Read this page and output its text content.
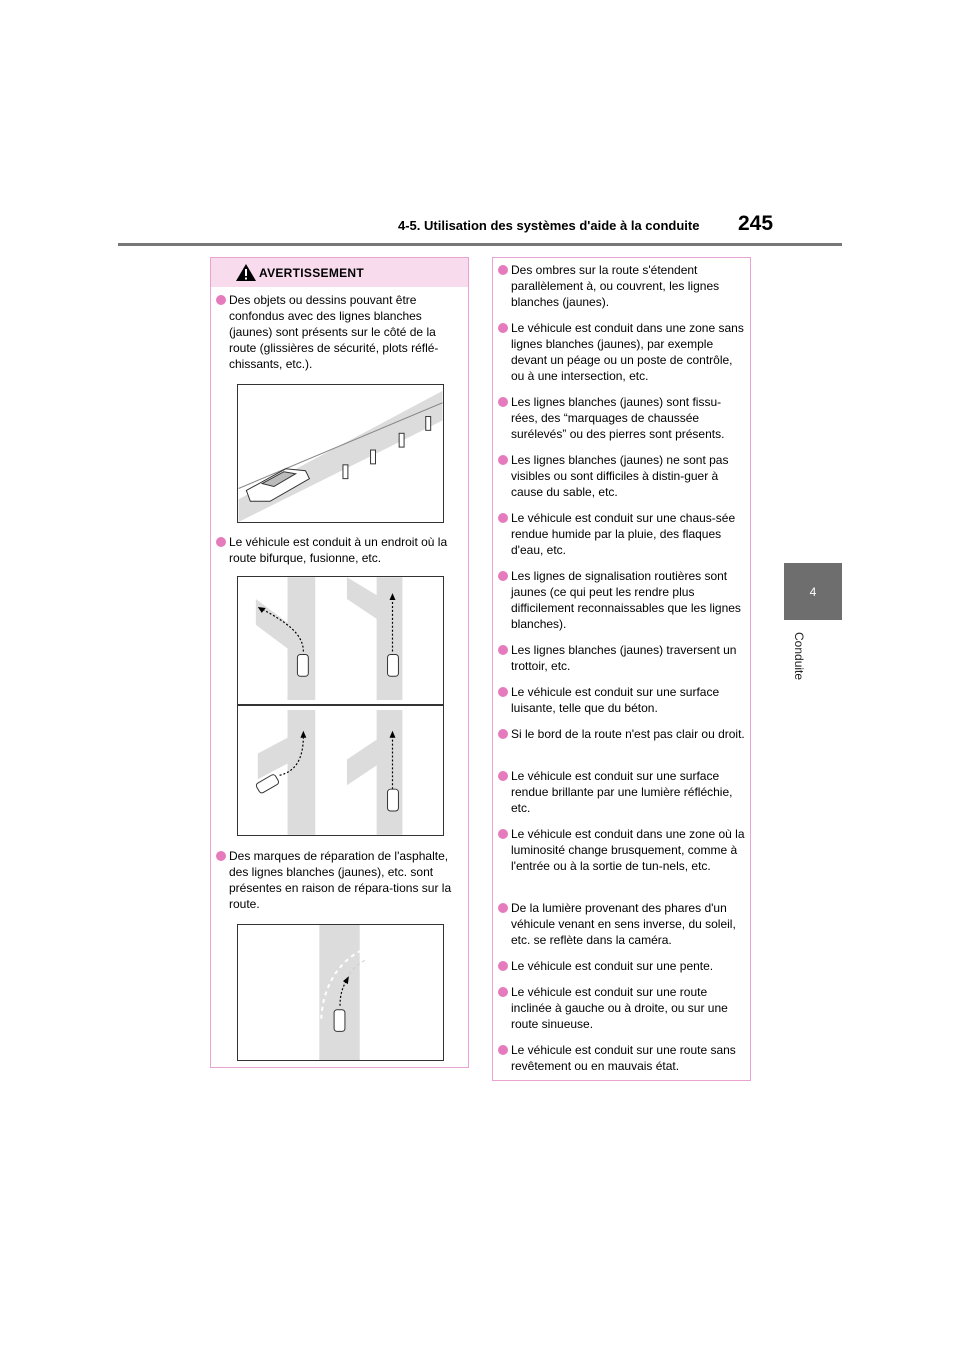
4-5. Utilisation des systèmes d'aide à la conduite 245
4
Conduite
AVERTISSEMENT
Des objets ou dessins pouvant être confondus avec des lignes blanches (jaunes) sont présents sur le côté de la route (glissières de sécurité, plots réflé-chissants, etc.).
Le véhicule est conduit à un endroit où la route bifurque, fusionne, etc.
Des marques de réparation de l'asphalte, des lignes blanches (jaunes), etc. sont présentes en raison de répara-tions sur la route.
Des ombres sur la route s'étendent parallèlement à, ou couvrent, les lignes blanches (jaunes).
Le véhicule est conduit dans une zone sans lignes blanches (jaunes), par exemple devant un péage ou un poste de contrôle, ou à une intersection, etc.
Les lignes blanches (jaunes) sont fissu-rées, des “marquages de chaussée surélevés” ou des pierres sont présents.
Les lignes blanches (jaunes) ne sont pas visibles ou sont difficiles à distin-guer à cause du sable, etc.
Le véhicule est conduit sur une chaus-sée rendue humide par la pluie, des flaques d'eau, etc.
Les lignes de signalisation routières sont jaunes (ce qui peut les rendre plus difficilement reconnaissables que les lignes blanches).
Les lignes blanches (jaunes) traversent un trottoir, etc.
Le véhicule est conduit sur une surface luisante, telle que du béton.
Si le bord de la route n'est pas clair ou droit.
Le véhicule est conduit sur une surface rendue brillante par une lumière réfléchie, etc.
Le véhicule est conduit dans une zone où la luminosité change brusquement, comme à l'entrée ou à la sortie de tun-nels, etc.
De la lumière provenant des phares d'un véhicule venant en sens inverse, du soleil, etc. se reflète dans la caméra.
Le véhicule est conduit sur une pente.
Le véhicule est conduit sur une route inclinée à gauche ou à droite, ou sur une route sinueuse.
Le véhicule est conduit sur une route sans revêtement ou en mauvais état.
